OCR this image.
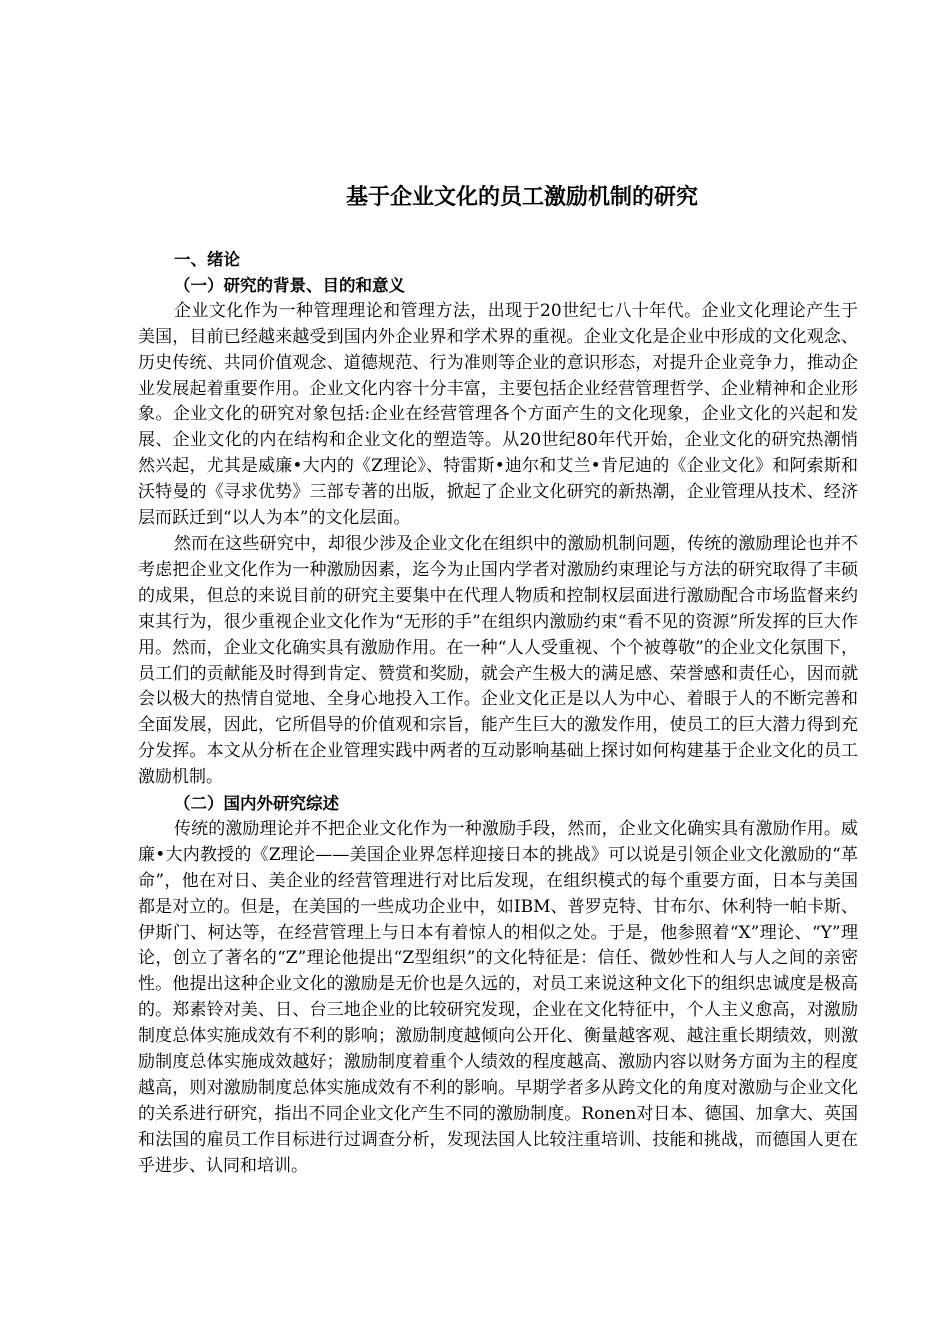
基于企业文化的员工激励机制的研究

一、绪论

（一）研究的背景、目的和意义

企业文化作为一种管理理论和管理方法，出现于20世纪七八十年代。企业文化理论产生于美国，目前已经越来越受到国内外企业界和学术界的重视。企业文化是企业中形成的文化观念、历史传统、共同价值观念、道德规范、行为准则等企业的意识形态，对提升企业竞争力，推动企业发展起着重要作用。企业文化内容十分丰富，主要包括企业经营管理哲学、企业精神和企业形象。企业文化的研究对象包括:企业在经营管理各个方面产生的文化现象，企业文化的兴起和发展、企业文化的内在结构和企业文化的塑造等。从20世纪80年代开始，企业文化的研究热潮悄然兴起，尤其是威廉•大内的《Z理论》、特雷斯•迪尔和艾兰•肯尼迪的《企业文化》和阿索斯和沃特曼的《寻求优势》三部专著的出版，掀起了企业文化研究的新热潮，企业管理从技术、经济层而跃迁到“以人为本”的文化层面。

然而在这些研究中，却很少涉及企业文化在组织中的激励机制问题，传统的激励理论也并不考虑把企业文化作为一种激励因素，迄今为止国内学者对激励约束理论与方法的研究取得了丰硕的成果，但总的来说目前的研究主要集中在代理人物质和控制权层面进行激励配合市场监督来约束其行为，很少重视企业文化作为“无形的手”在组织内激励约束“看不见的资源”所发挥的巨大作用。然而，企业文化确实具有激励作用。在一种“人人受重视、个个被尊敬”的企业文化氛围下，员工们的贡献能及时得到肯定、赞赏和奖励，就会产生极大的满足感、荣誉感和责任心，因而就会以极大的热情自觉地、全身心地投入工作。企业文化正是以人为中心、着眼于人的不断完善和全面发展，因此，它所倡导的价值观和宗旨，能产生巨大的激发作用，使员工的巨大潜力得到充分发挥。本文从分析在企业管理实践中两者的互动影响基础上探讨如何构建基于企业文化的员工激励机制。

（二）国内外研究综述

传统的激励理论并不把企业文化作为一种激励手段，然而，企业文化确实具有激励作用。威廉•大内教授的《Z理论——美国企业界怎样迎接日本的挑战》可以说是引领企业文化激励的“革命”，他在对日、美企业的经营管理进行对比后发现，在组织模式的每个重要方面，日本与美国都是对立的。但是，在美国的一些成功企业中，如IBM、普罗克特、甘布尔、休利特一帕卡斯、伊斯门、柯达等，在经营管理上与日本有着惊人的相似之处。于是，他参照着“X”理论、“Y”理论，创立了著名的“Z”理论他提出“Z型组织”的文化特征是：信任、微妙性和人与人之间的亲密性。他提出这种企业文化的激励是无价也是久远的，对员工来说这种文化下的组织忠诚度是极高的。郑素铃对美、日、台三地企业的比较研究发现，企业在文化特征中，个人主义愈高，对激励制度总体实施成效有不利的影响；激励制度越倾向公开化、衡量越客观、越注重长期绩效，则激励制度总体实施成效越好；激励制度着重个人绩效的程度越高、激励内容以财务方面为主的程度越高，则对激励制度总体实施成效有不利的影响。早期学者多从跨文化的角度对激励与企业文化的关系进行研究，指出不同企业文化产生不同的激励制度。Ronen对日本、德国、加拿大、英国和法国的雇员工作目标进行过调查分析，发现法国人比较注重培训、技能和挑战，而德国人更在乎进步、认同和培训。
